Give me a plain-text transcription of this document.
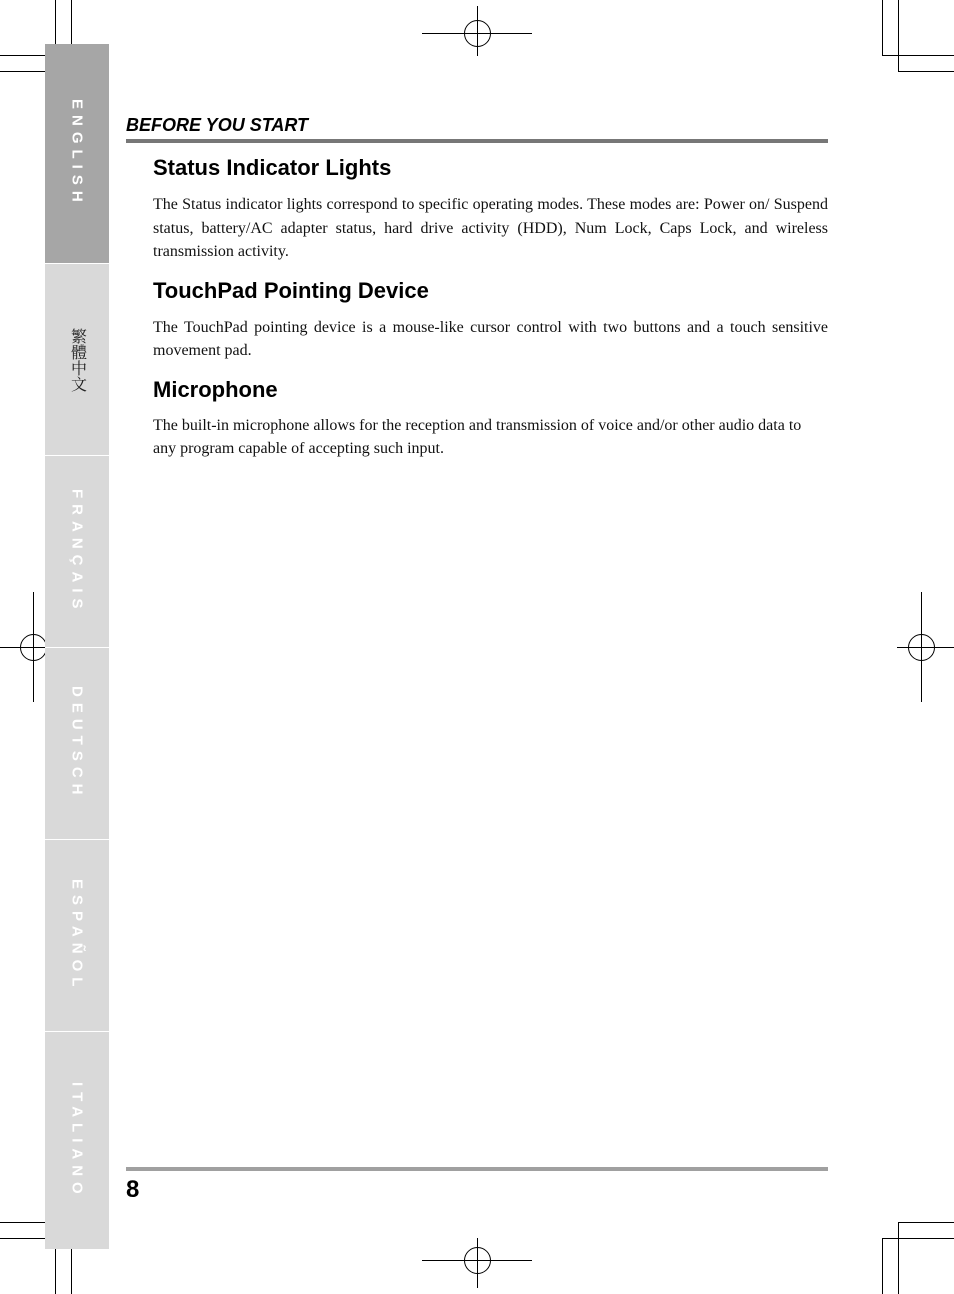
ENGLISH
繁體中文
FRANÇAIS
DEUTSCH
ESPAÑOL
ITALIANO
BEFORE YOU START
Status Indicator Lights

The Status indicator lights correspond to specific operating modes. These modes are: Power on/ Suspend status, battery/AC adapter status, hard drive activity (HDD), Num Lock, Caps Lock, and wireless transmission activity.

TouchPad Pointing Device

The TouchPad pointing device is a mouse-like cursor control with two buttons and a touch sensitive movement pad.

Microphone

The built-in microphone allows for the reception and transmission of voice and/or other audio data to any program capable of accepting such input.

8
